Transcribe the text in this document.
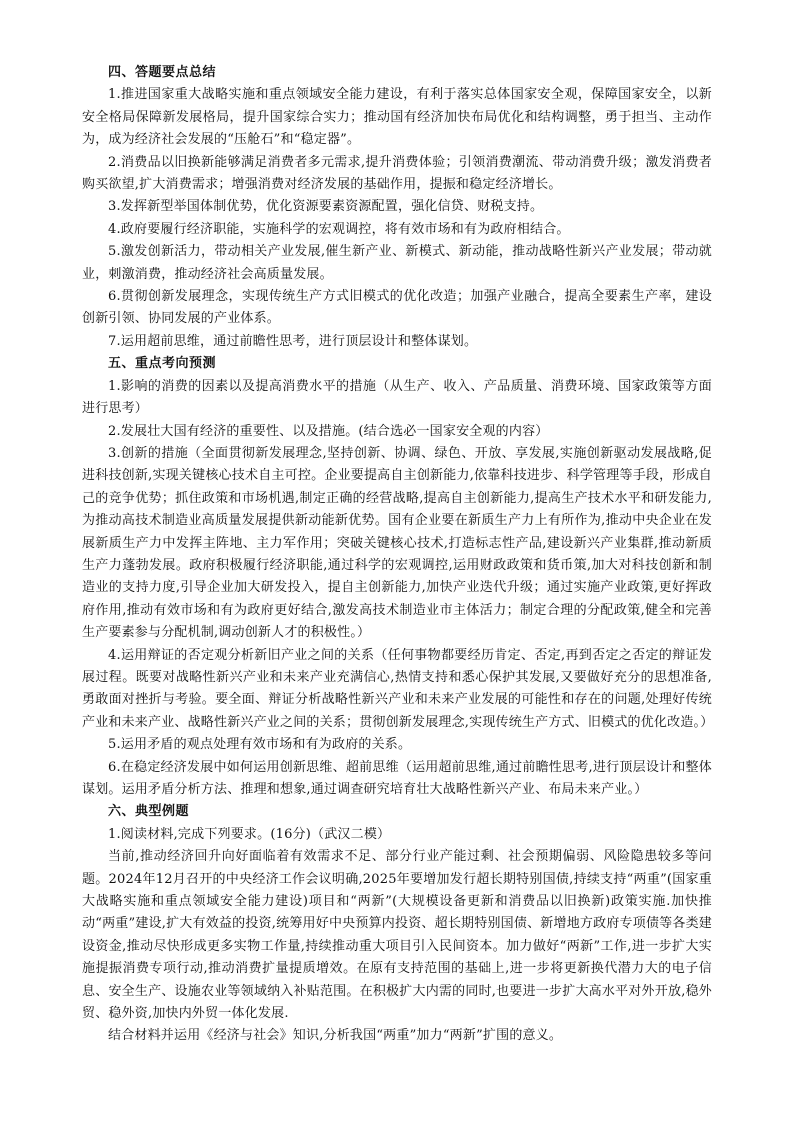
四、答题要点总结

1.推进国家重大战略实施和重点领域安全能力建设，有利于落实总体国家安全观，保障国家安全，以新安全格局保障新发展格局，提升国家综合实力；推动国有经济加快布局优化和结构调整，勇于担当、主动作为，成为经济社会发展的“压舱石”和“稳定器”。

2.消费品以旧换新能够满足消费者多元需求,提升消费体验；引领消费潮流、带动消费升级；激发消费者购买欲望,扩大消费需求；增强消费对经济发展的基础作用，提振和稳定经济增长。

3.发挥新型举国体制优势，优化资源要素资源配置，强化信贷、财税支持。

4.政府要履行经济职能，实施科学的宏观调控，将有效市场和有为政府相结合。

5.激发创新活力，带动相关产业发展,催生新产业、新模式、新动能，推动战略性新兴产业发展；带动就业，刺激消费，推动经济社会高质量发展。

6.贯彻创新发展理念，实现传统生产方式旧模式的优化改造；加强产业融合，提高全要素生产率，建设创新引领、协同发展的产业体系。

7.运用超前思维，通过前瞻性思考，进行顶层设计和整体谋划。

五、重点考向预测

1.影响的消费的因素以及提高消费水平的措施（从生产、收入、产品质量、消费环境、国家政策等方面进行思考）

2.发展壮大国有经济的重要性、以及措施。(结合选必一国家安全观的内容）

3.创新的措施（全面贯彻新发展理念,坚持创新、协调、绿色、开放、享发展,实施创新驱动发展战略,促进科技创新,实现关键核心技术自主可控。企业要提高自主创新能力,依靠科技进步、科学管理等手段，形成自己的竞争优势；抓住政策和市场机遇,制定正确的经营战略,提高自主创新能力,提高生产技术水平和研发能力,为推动高技术制造业高质量发展提供新动能新优势。国有企业要在新质生产力上有所作为,推动中央企业在发展新质生产力中发挥主阵地、主力军作用；突破关键核心技术,打造标志性产品,建设新兴产业集群,推动新质生产力蓬勃发展。政府积极履行经济职能,通过科学的宏观调控,运用财政政策和货币策,加大对科技创新和制造业的支持力度,引导企业加大研发投入，提自主创新能力,加快产业迭代升级；通过实施产业政策,更好挥政府作用,推动有效市场和有为政府更好结合,激发高技术制造业市主体活力；制定合理的分配政策,健全和完善生产要素参与分配机制,调动创新人才的积极性。）

4.运用辩证的否定观分析新旧产业之间的关系（任何事物都要经历肯定、否定,再到否定之否定的辩证发展过程。既要对战略性新兴产业和未来产业充满信心,热情支持和悉心保护其发展,又要做好充分的思想准备,勇敢面对挫折与考验。要全面、辩证分析战略性新兴产业和未来产业发展的可能性和存在的问题,处理好传统产业和未来产业、战略性新兴产业之间的关系；贯彻创新发展理念,实现传统生产方式、旧模式的优化改造。）

5.运用矛盾的观点处理有效市场和有为政府的关系。

6.在稳定经济发展中如何运用创新思维、超前思维（运用超前思维,通过前瞻性思考,进行顶层设计和整体谋划。运用矛盾分析方法、推理和想象,通过调查研究培育壮大战略性新兴产业、布局未来产业。）

六、典型例题

1.阅读材料,完成下列要求。(16分)（武汉二模）

当前,推动经济回升向好面临着有效需求不足、部分行业产能过剩、社会预期偏弱、风险隐患较多等问题。2024年12月召开的中央经济工作会议明确,2025年要增加发行超长期特别国债,持续支持“两重”(国家重大战略实施和重点领域安全能力建设)项目和“两新”(大规模设备更新和消费品以旧换新)政策实施.加快推动“两重”建设,扩大有效益的投资,统筹用好中央预算内投资、超长期特别国债、新增地方政府专项债等各类建设资金,推动尽快形成更多实物工作量,持续推动重大项目引入民间资本。加力做好“两新”工作,进一步扩大实施提振消费专项行动,推动消费扩量提质增效。在原有支持范围的基础上,进一步将更新换代潜力大的电子信息、安全生产、设施农业等领域纳入补贴范围。在积极扩大内需的同时,也要进一步扩大高水平对外开放,稳外贸、稳外资,加快内外贸一体化发展.

结合材料并运用《经济与社会》知识,分析我国“两重”加力“两新”扩围的意义。
